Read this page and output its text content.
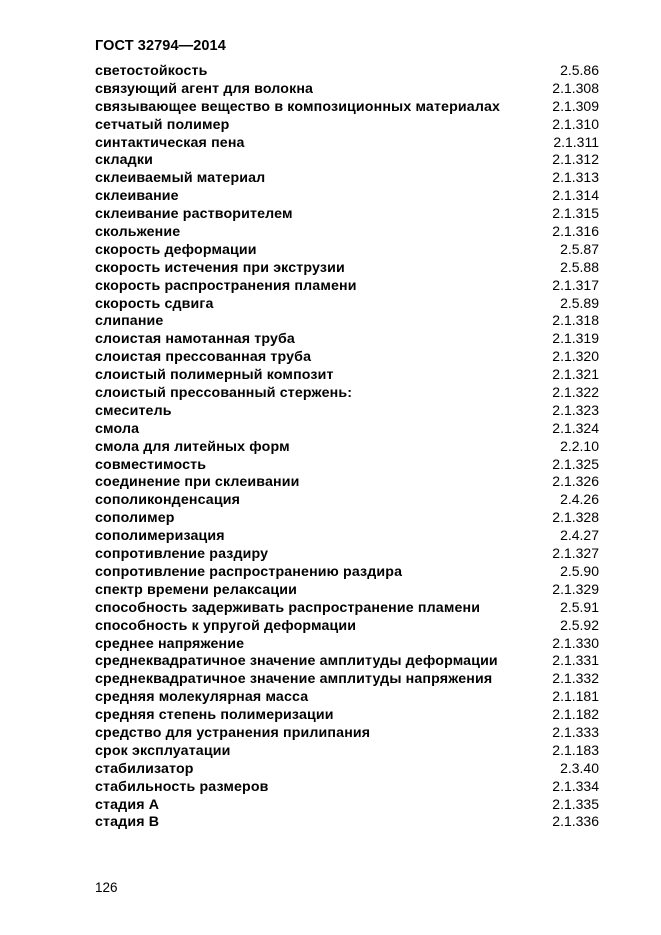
ГОСТ 32794—2014
светостойкость	2.5.86
связующий агент для волокна	2.1.308
связывающее вещество в композиционных материалах	2.1.309
сетчатый полимер	2.1.310
синтактическая пена	2.1.311
складки	2.1.312
склеиваемый материал	2.1.313
склеивание	2.1.314
склеивание растворителем	2.1.315
скольжение	2.1.316
скорость деформации	2.5.87
скорость истечения при экструзии	2.5.88
скорость распространения пламени	2.1.317
скорость сдвига	2.5.89
слипание	2.1.318
слоистая намотанная труба	2.1.319
слоистая прессованная труба	2.1.320
слоистый полимерный композит	2.1.321
слоистый прессованный стержень:	2.1.322
смеситель	2.1.323
смола	2.1.324
смола для литейных форм	2.2.10
совместимость	2.1.325
соединение при склеивании	2.1.326
сополиконденсация	2.4.26
сополимер	2.1.328
сополимеризация	2.4.27
сопротивление раздиру	2.1.327
сопротивление распространению раздира	2.5.90
спектр времени релаксации	2.1.329
способность задерживать распространение пламени	2.5.91
способность к упругой деформации	2.5.92
среднее напряжение	2.1.330
среднеквадратичное значение амплитуды деформации	2.1.331
среднеквадратичное значение амплитуды напряжения	2.1.332
средняя молекулярная масса	2.1.181
средняя степень полимеризации	2.1.182
средство для устранения прилипания	2.1.333
срок эксплуатации	2.1.183
стабилизатор	2.3.40
стабильность размеров	2.1.334
стадия А	2.1.335
стадия В	2.1.336
126
